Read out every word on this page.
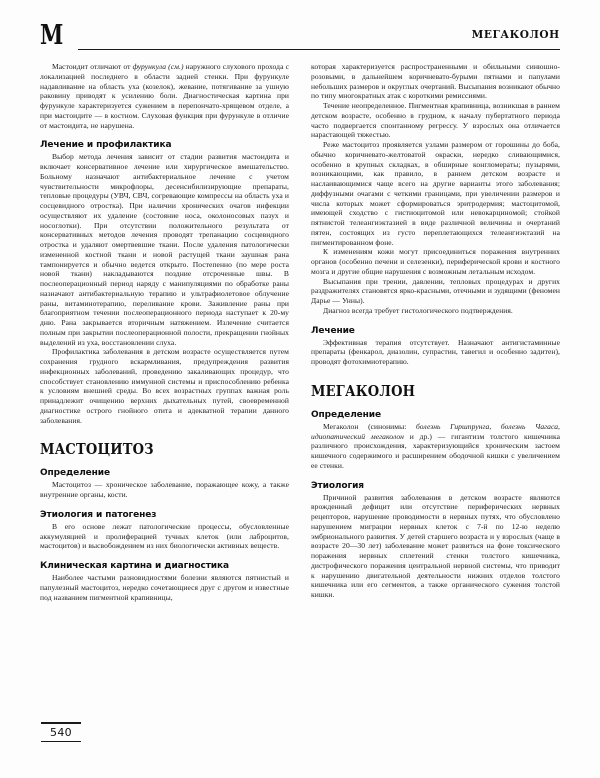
М	МЕГАКОЛОН

Мастоидит отличают от фурункула (см.) наружного слухового прохода с локализацией последнего в области задней стенки. При фурункуле надавливание на область уха (козелок), жевание, потягивание за ушную раковину приводят к усилению боли. Диагностическая картина при фурункуле характеризуется сужением в перепончато-хрящевом отделе, а при мастоидите — в костном. Слуховая функция при фурункуле в отличие от мастоидита, не нарушена.

Лечение и профилактика

Выбор метода лечения зависит от стадии развития мастоидита и включает консервативное лечение или хирургическое вмешательство. Больному назначают антибактериальное лечение с учетом чувствительности микрофлоры, десенсибилизирующие препараты, тепловые процедуры (УВЧ, СВЧ, согревающие компрессы на область уха и сосцевидного отростка). При наличии хронических очагов инфекции осуществляют их удаление (состояние носа, околоносовых пазух и носоглотки). При отсутствии положительного результата от консервативных методов лечения проводят трепанацию сосцевидного отростка и удаляют омертвевшие ткани. После удаления патологически измененной костной ткани и новой растущей ткани заушная рана тампонируется и обычно ведется открыто. Постепенно (по мере роста новой ткани) накладываются поздние отсроченные швы. В послеоперационный период наряду с манипуляциями по обработке раны назначают антибактериальную терапию и ультрафиолетовое облучение раны, витаминотерапию, переливание крови. Заживление раны при благоприятном течении послеоперационного периода наступает к 20-му дню. Рана закрывается вторичным натяжением. Излечение считается полным при закрытии послеоперационной полости, прекращении гнойных выделений из уха, восстановлении слуха.

Профилактика заболевания в детском возрасте осуществляется путем сохранения грудного вскармливания, предупреждения развития инфекционных заболеваний, проведению закаливающих процедур, что способствует становлению иммунной системы и приспособлению ребенка к условиям внешней среды. Во всех возрастных группах важная роль принадлежит очищению верхних дыхательных путей, своевременной диагностике острого гнойного отита и адекватной терапии данного заболевания.

МАСТОЦИТОЗ
Определение

Мастоцитоз — хроническое заболевание, поражающее кожу, а также внутренние органы, кости.

Этиология и патогенез

В его основе лежат патологические процессы, обусловленные аккумуляцией и пролиферацией тучных клеток (или лаброцитов, мастоцитов) и высвобождением из них биологически активных веществ.

Клиническая картина и диагностика

Наиболее частыми разновидностями болезни являются пятнистый и папулезный мастоцитоз, нередко сочетающиеся друг с другом и известные под названием пигментной крапивницы,

которая характеризуется распространенными и обильными синюшно-розовыми, в дальнейшем коричневато-бурыми пятнами и папулами небольших размеров и округлых очертаний. Высыпания возникают обычно по типу многократных атак с короткими ремиссиями.

Течение неопределенное. Пигментная крапивница, возникшая в раннем детском возрасте, особенно в грудном, к началу пубертатного периода часто подвергается спонтанному регрессу. У взрослых она отличается нарастающей тяжестью.

Реже мастоцитоз проявляется узлами размером от горошины до боба, обычно коричневато-желтоватой окраски, нередко сливающимися, особенно в крупных складках, в обширные конгломераты; пузырями, возникающими, как правило, в раннем детском возрасте и наслаивающимися чаще всего на другие варианты этого заболевания; диффузными очагами с четкими границами, при увеличении размеров и числа которых может сформироваться эритродермия; мастоцитомой, имеющей сходство с гистиоцитомой или невокарциномой; стойкой пятнистой телеангиэктазией в виде различной величины и очертаний пятен, состоящих из густо переплетающихся телеангиэктазий на пигментированном фоне.

К изменениям кожи могут присоединиться поражения внутренних органов (особенно печени и селезенки), периферической крови и костного мозга и другие общие нарушения с возможным летальным исходом.

Высыпания при трении, давлении, тепловых процедурах и других раздражителях становятся ярко-красными, отечными и зудящими (феномен Дарье — Унны).

Диагноз всегда требует гистологического подтверждения.

Лечение

Эффективная терапия отсутствует. Назначают антигистаминные препараты (фенкарол, диазолин, супрастин, тавегил и особенно задитен), проводят фотохимиотерапию.

МЕГАКОЛОН
Определение

Мегаколон (синонимы: болезнь Гиршпрунга, болезнь Чагаса, идиопатический мегаколон и др.) — гигантизм толстого кишечника различного происхождения, характеризующийся хроническим застоем кишечного содержимого и расширением ободочной кишки с увеличением ее стенки.

Этиология

Причиной развития заболевания в детском возрасте являются врожденный дефицит или отсутствие периферических нервных рецепторов, нарушение проводимости в нервных путях, что обусловлено нарушением миграции нервных клеток с 7-й по 12-ю неделю эмбрионального развития. У детей старшего возраста и у взрослых (чаще в возрасте 20—30 лет) заболевание может развиться на фоне токсического поражения нервных сплетений стенки толстого кишечника, дистрофического поражения центральной нервной системы, что приводит к нарушению двигательной деятельности нижних отделов толстого кишечника или его сегментов, а также органического сужения толстой кишки.

540
